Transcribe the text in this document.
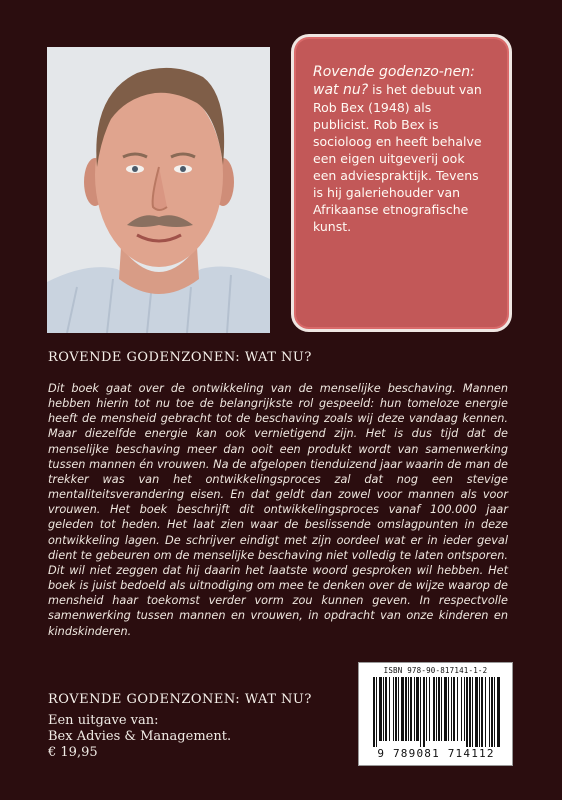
Rovende godenzo-nen: wat nu? is het debuut van Rob Bex (1948) als publicist. Rob Bex is socioloog en heeft behalve een eigen uitgeverij ook een adviespraktijk. Tevens is hij galeriehouder van Afrikaanse etnografische kunst.

ROVENDE GODENZONEN: WAT NU?

Dit boek gaat over de ontwikkeling van de menselijke beschaving. Mannen hebben hierin tot nu toe de belangrijkste rol gespeeld: hun tomeloze energie heeft de mensheid gebracht tot de beschaving zoals wij deze vandaag kennen. Maar diezelfde energie kan ook vernietigend zijn. Het is dus tijd dat de menselijke beschaving meer dan ooit een produkt wordt van samenwerking tussen mannen én vrouwen. Na de afgelopen tienduizend jaar waarin de man de trekker was van het ontwikkelingsproces zal dat nog een stevige mentaliteitsverandering eisen. En dat geldt dan zowel voor mannen als voor vrouwen. Het boek beschrijft dit ontwikkelingsproces vanaf 100.000 jaar geleden tot heden. Het laat zien waar de beslissende omslagpunten in deze ontwikkeling lagen. De schrijver eindigt met zijn oordeel wat er in ieder geval dient te gebeuren om de menselijke beschaving niet volledig te laten ontsporen. Dit wil niet zeggen dat hij daarin het laatste woord gesproken wil hebben. Het boek is juist bedoeld als uitnodiging om mee te denken over de wijze waarop de mensheid haar toekomst verder vorm zou kunnen geven. In respectvolle samenwerking tussen mannen en vrouwen, in opdracht van onze kinderen en kindskinderen.

ROVENDE GODENZONEN: WAT NU?

Een uitgave van:

Bex Advies & Management.

€ 19,95

ISBN 978-90-817141-1-2
9 789081 714112
